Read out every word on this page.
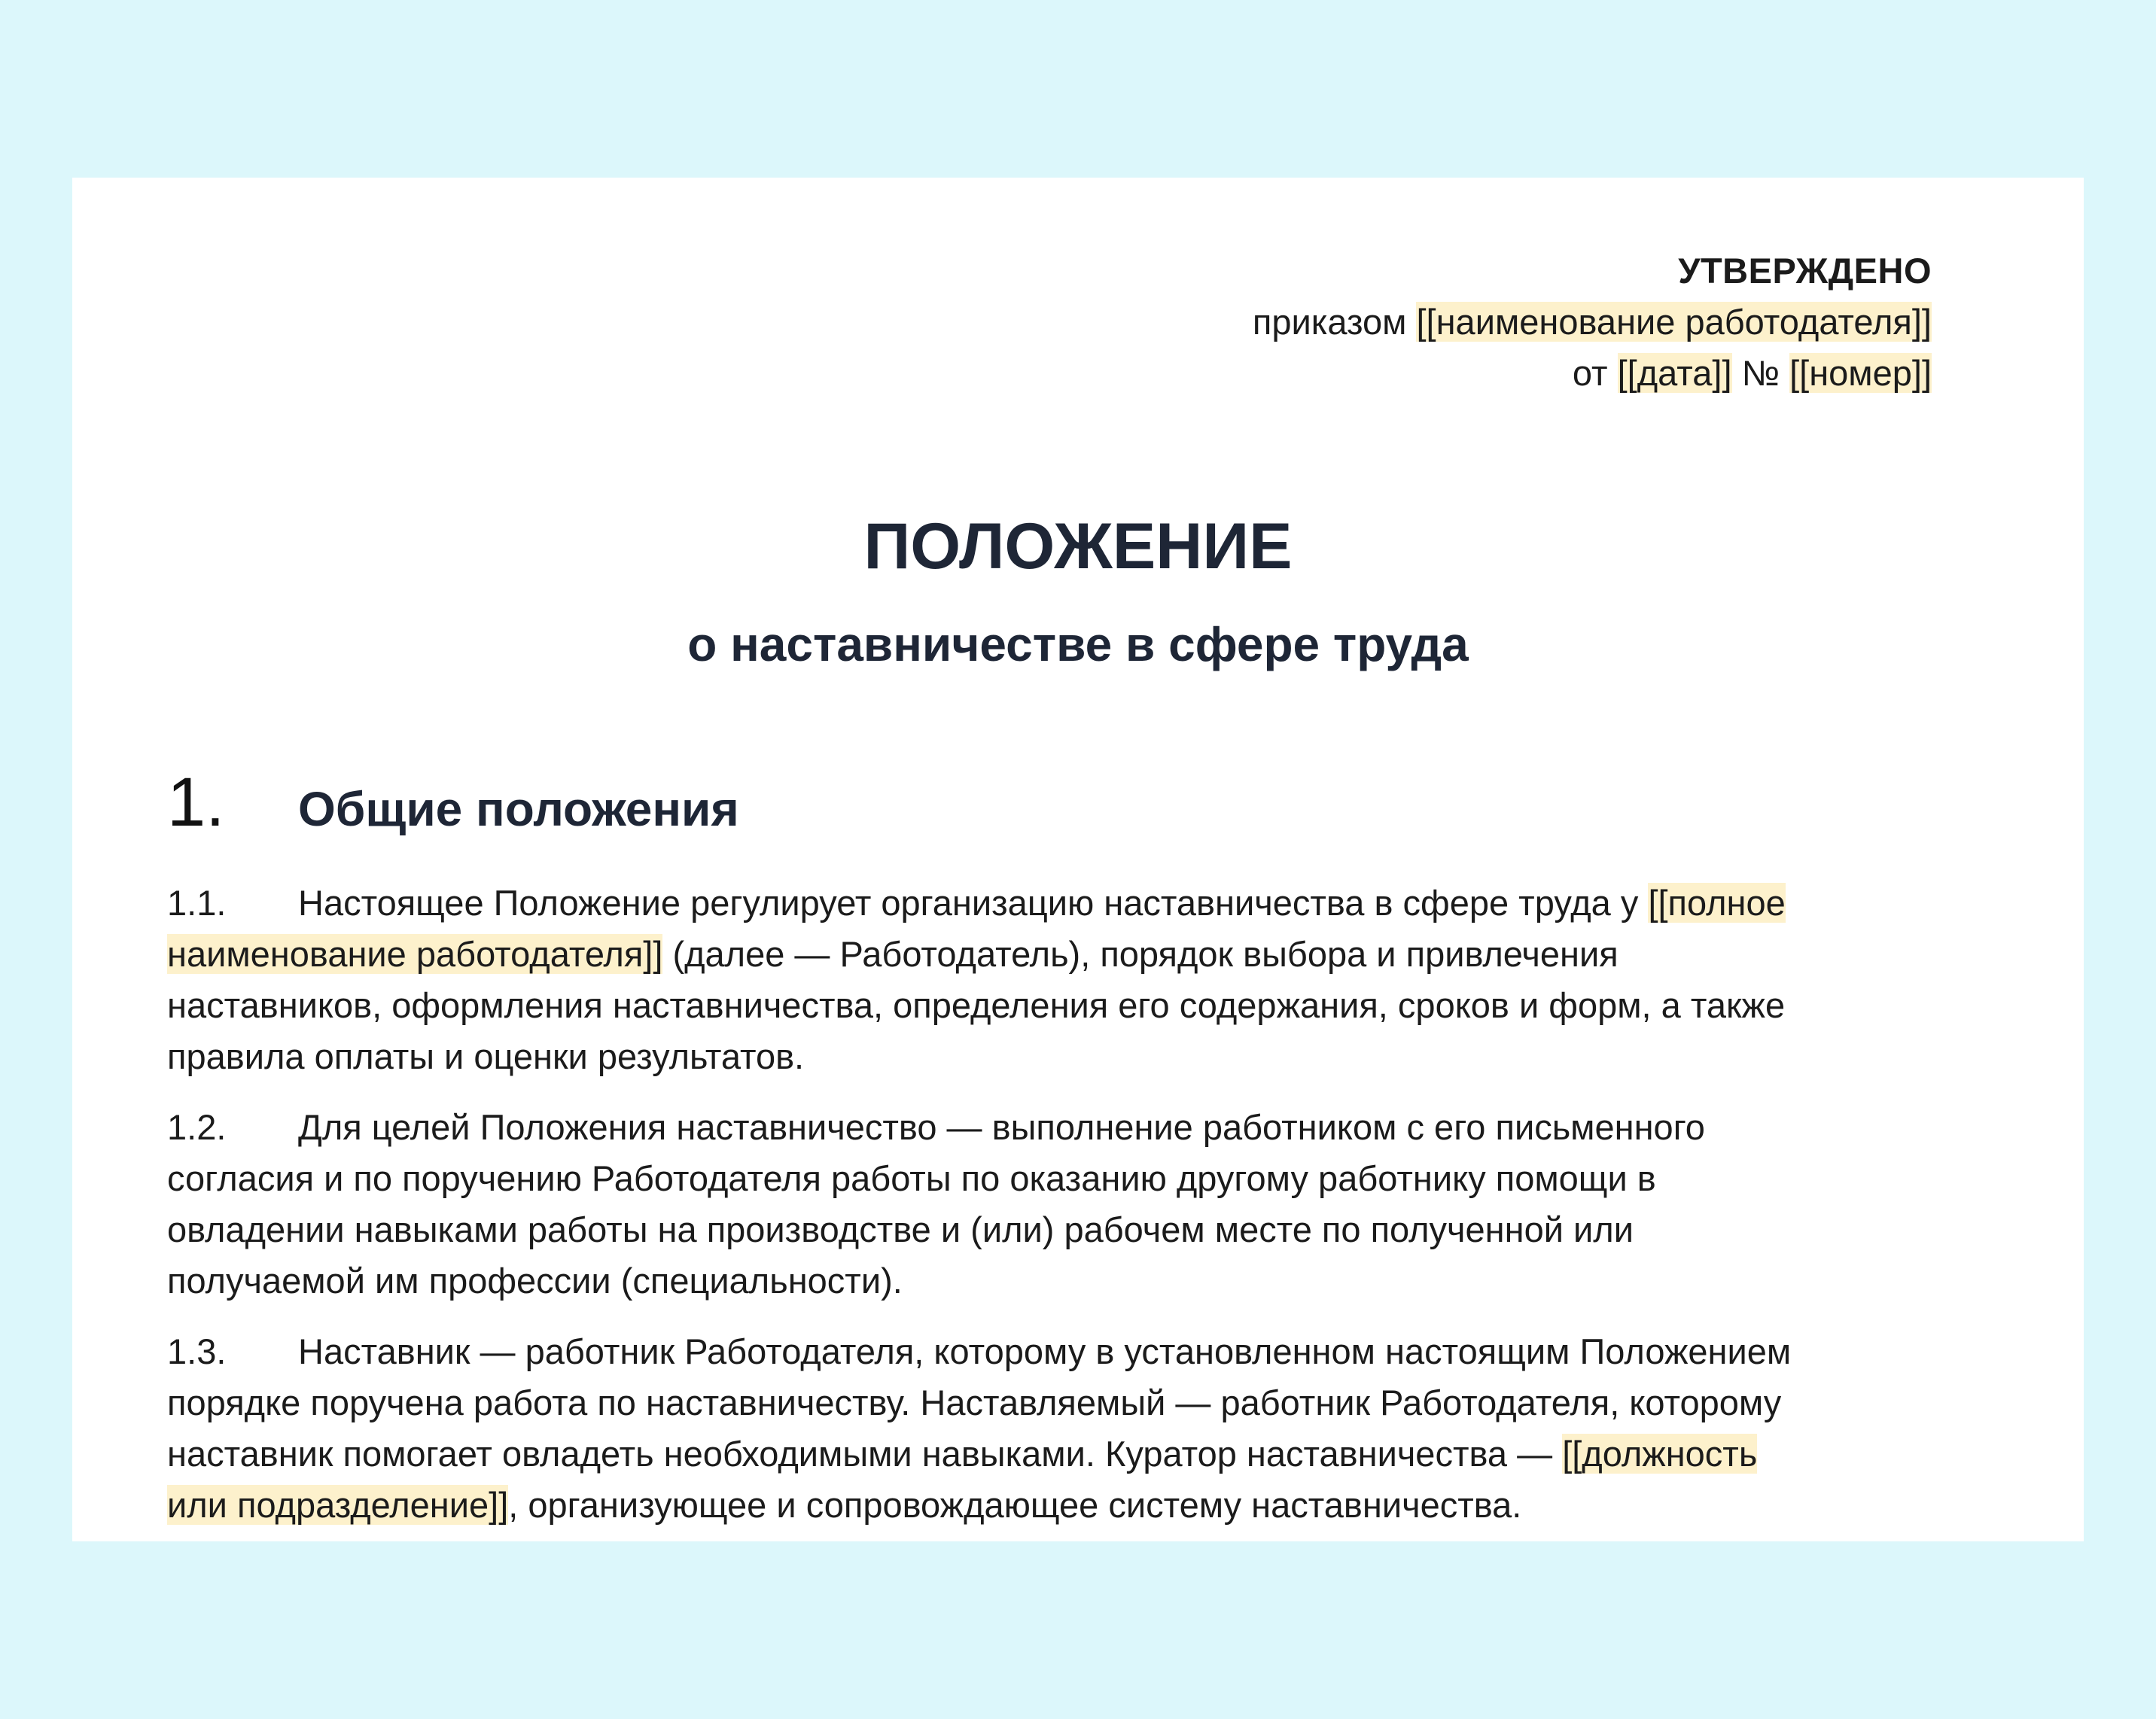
УТВЕРЖДЕНО
приказом [[наименование работодателя]]
от [[дата]] № [[номер]]
ПОЛОЖЕНИЕ
о наставничестве в сфере труда
1.	Общие положения
1.1. Настоящее Положение регулирует организацию наставничества в сфере труда у [[полное
наименование работодателя]] (далее — Работодатель), порядок выбора и привлечения
наставников, оформления наставничества, определения его содержания, сроков и форм, а также
правила оплаты и оценки результатов.
1.2. Для целей Положения наставничество — выполнение работником с его письменного
согласия и по поручению Работодателя работы по оказанию другому работнику помощи в
овладении навыками работы на производстве и (или) рабочем месте по полученной или
получаемой им профессии (специальности).
1.3. Наставник — работник Работодателя, которому в установленном настоящим Положением
порядке поручена работа по наставничеству. Наставляемый — работник Работодателя, которому
наставник помогает овладеть необходимыми навыками. Куратор наставничества — [[должность
или подразделение]], организующее и сопровождающее систему наставничества.
